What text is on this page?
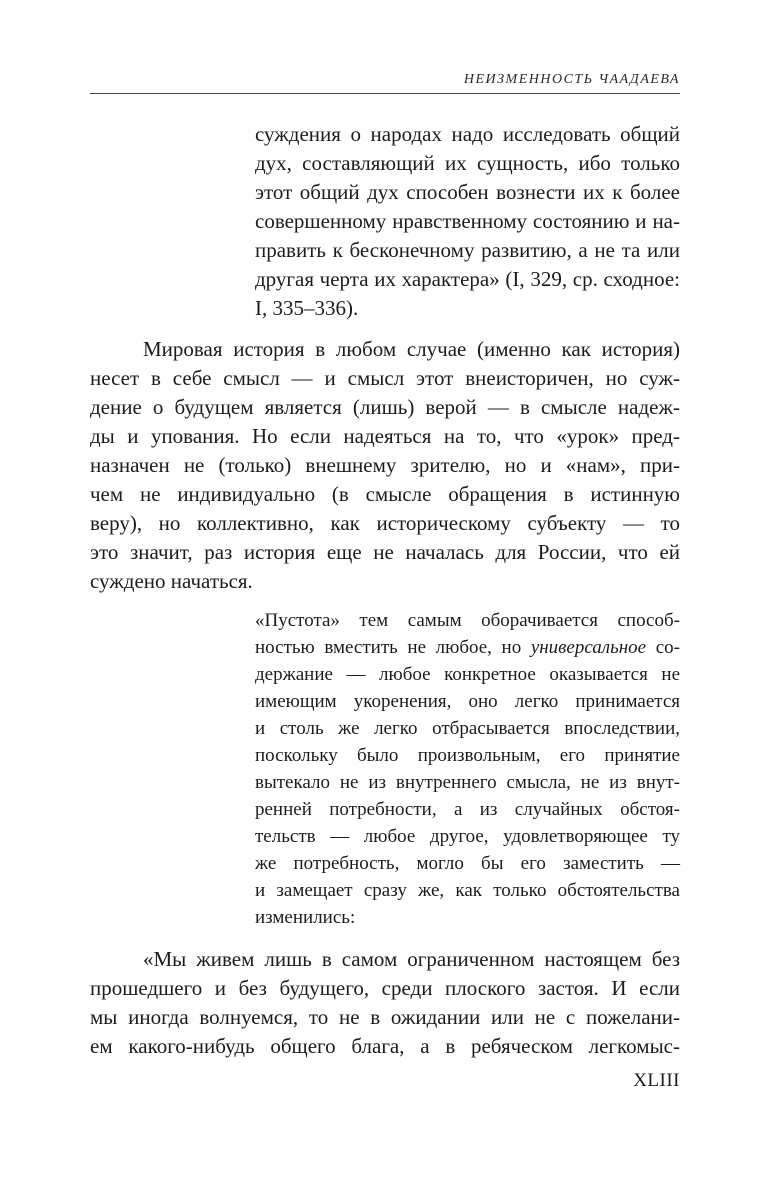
НЕИЗМЕННОСТЬ ЧААДАЕВА
суждения о народах надо исследовать общий
дух, составляющий их сущность, ибо только
этот общий дух способен вознести их к более
совершенному нравственному состоянию и на-
править к бесконечному развитию, а не та или
другая черта их характера» (I, 329, ср. сходное:
I, 335–336).
Мировая история в любом случае (именно как история)
несет в себе смысл — и смысл этот внеисторичен, но суж-
дение о будущем является (лишь) верой — в смысле надеж-
ды и упования. Но если надеяться на то, что «урок» пред-
назначен не (только) внешнему зрителю, но и «нам», при-
чем не индивидуально (в смысле обращения в истинную
веру), но коллективно, как историческому субъекту — то
это значит, раз история еще не началась для России, что ей
суждено начаться.
«Пустота» тем самым оборачивается способ-
ностью вместить не любое, но универсальное со-
держание — любое конкретное оказывается не
имеющим укоренения, оно легко принимается
и столь же легко отбрасывается впоследствии,
поскольку было произвольным, его принятие
вытекало не из внутреннего смысла, не из внут-
ренней потребности, а из случайных обстоя-
тельств — любое другое, удовлетворяющее ту
же потребность, могло бы его заместить —
и замещает сразу же, как только обстоятельства
изменились:
«Мы живем лишь в самом ограниченном настоящем без
прошедшего и без будущего, среди плоского застоя. И если
мы иногда волнуемся, то не в ожидании или не с пожелани-
ем какого-нибудь общего блага, а в ребяческом легкомыс-
XLIII
